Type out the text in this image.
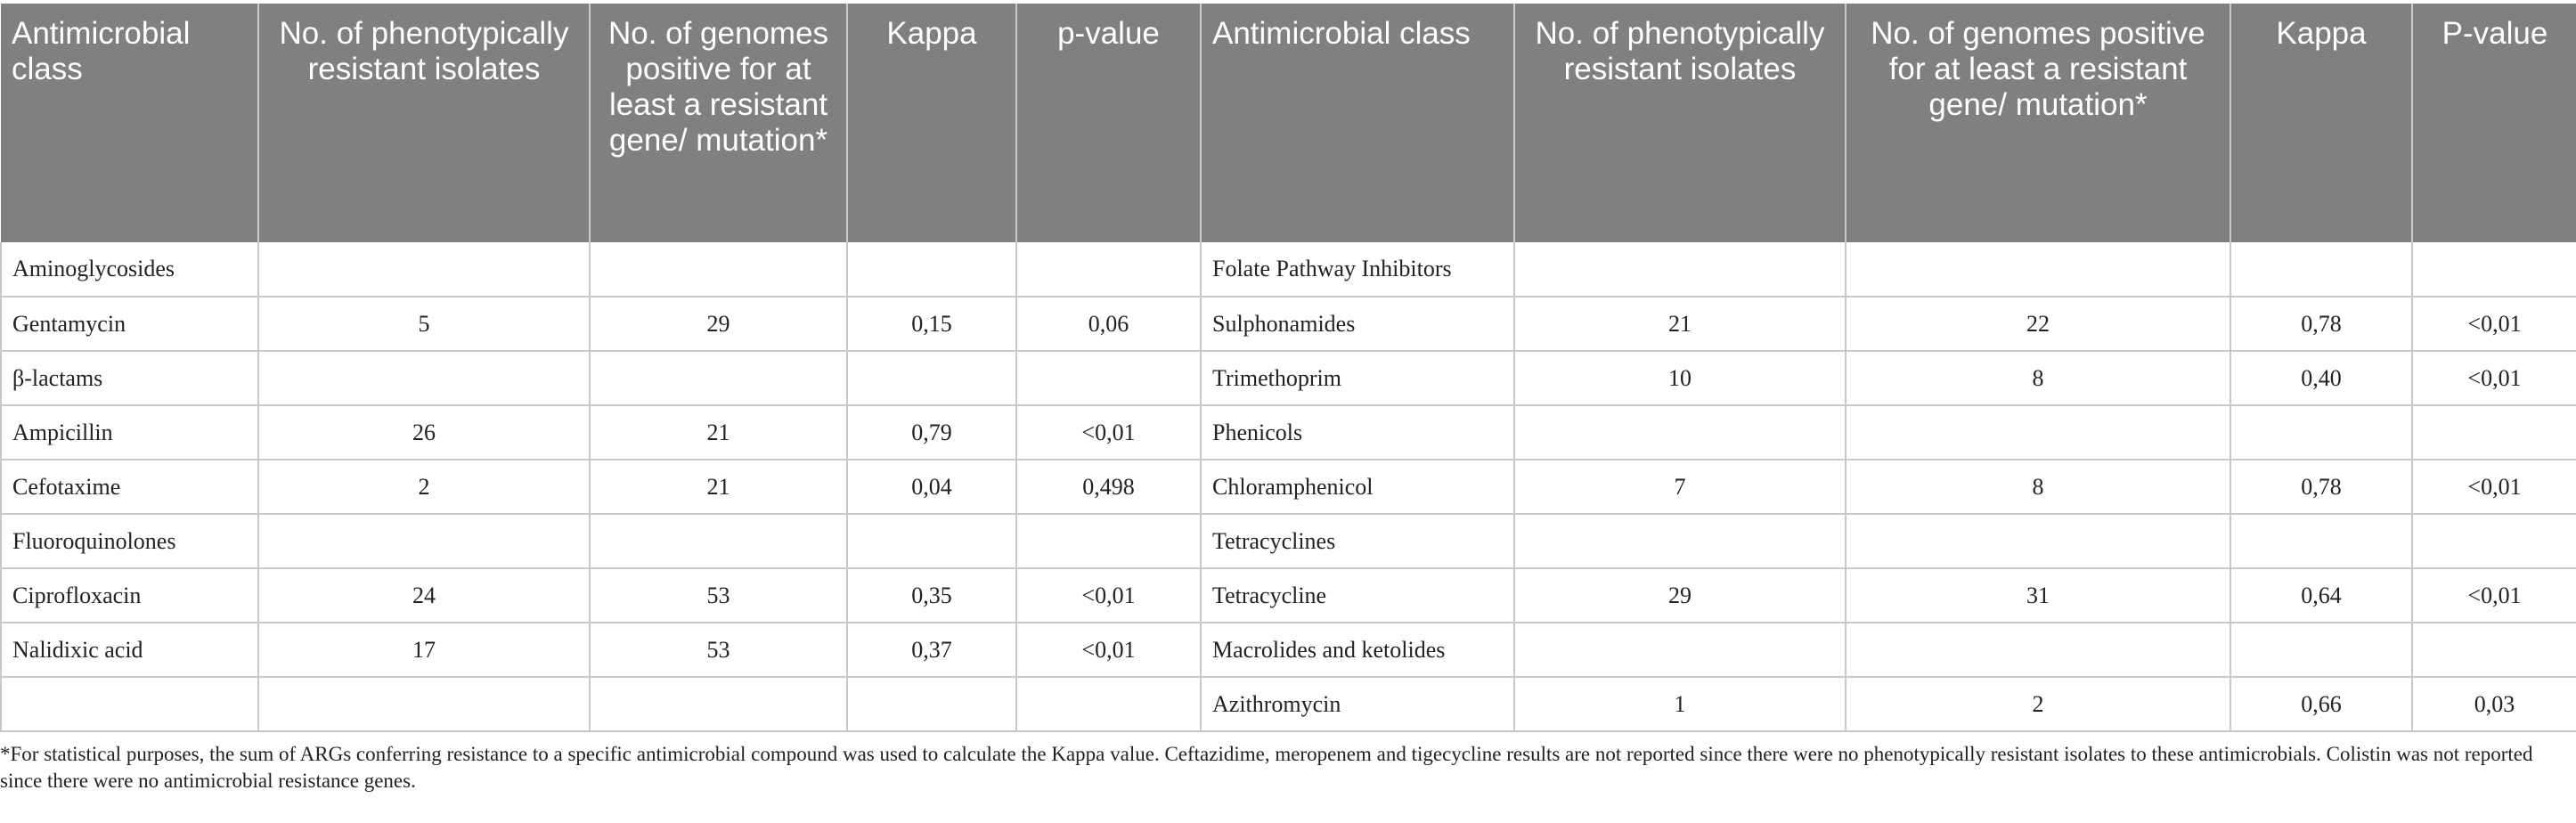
Antimicrobial class	No. of phenotypically resistant isolates	No. of genomes positive for at least a resistant gene/ mutation*	Kappa	p-value	Antimicrobial class	No. of phenotypically resistant isolates	No. of genomes positive for at least a resistant gene/ mutation*	Kappa	P-value
Aminoglycosides					Folate Pathway Inhibitors				
Gentamycin	5	29	0,15	0,06	Sulphonamides	21	22	0,78	<0,01
β-lactams					Trimethoprim	10	8	0,40	<0,01
Ampicillin	26	21	0,79	<0,01	Phenicols				
Cefotaxime	2	21	0,04	0,498	Chloramphenicol	7	8	0,78	<0,01
Fluoroquinolones					Tetracyclines				
Ciprofloxacin	24	53	0,35	<0,01	Tetracycline	29	31	0,64	<0,01
Nalidixic acid	17	53	0,37	<0,01	Macrolides and ketolides				
					Azithromycin	1	2	0,66	0,03
*For statistical purposes, the sum of ARGs conferring resistance to a specific antimicrobial compound was used to calculate the Kappa value. Ceftazidime, meropenem and tigecycline results are not reported since there were no phenotypically resistant isolates to these antimicrobials. Colistin was not reported since there were no antimicrobial resistance genes.
